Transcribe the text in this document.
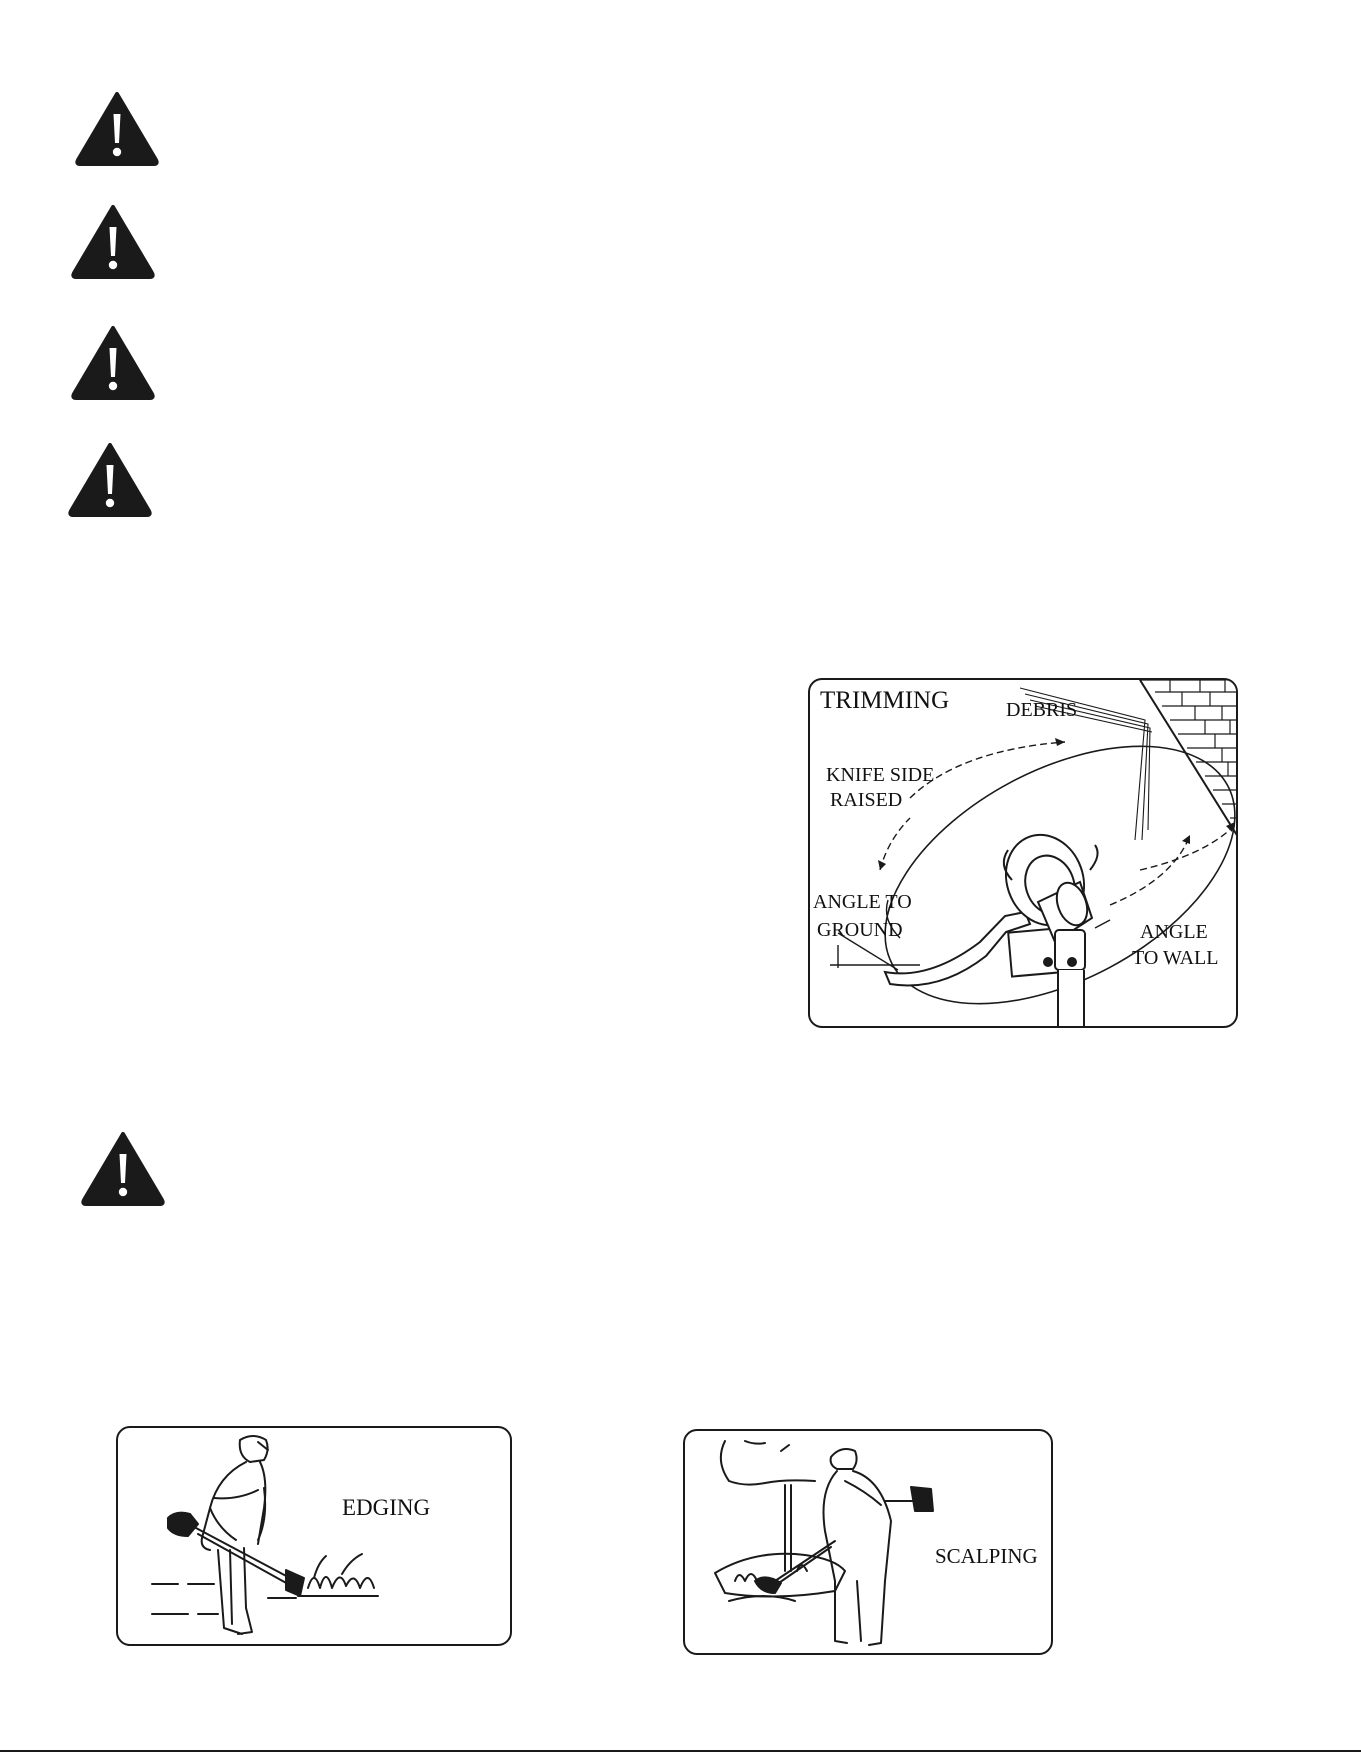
TRIMMING	DEBRIS
KNIFE SIDE
RAISED
ANGLE TO
GROUND	ANGLE
TO WALL
EDGING
SCALPING
